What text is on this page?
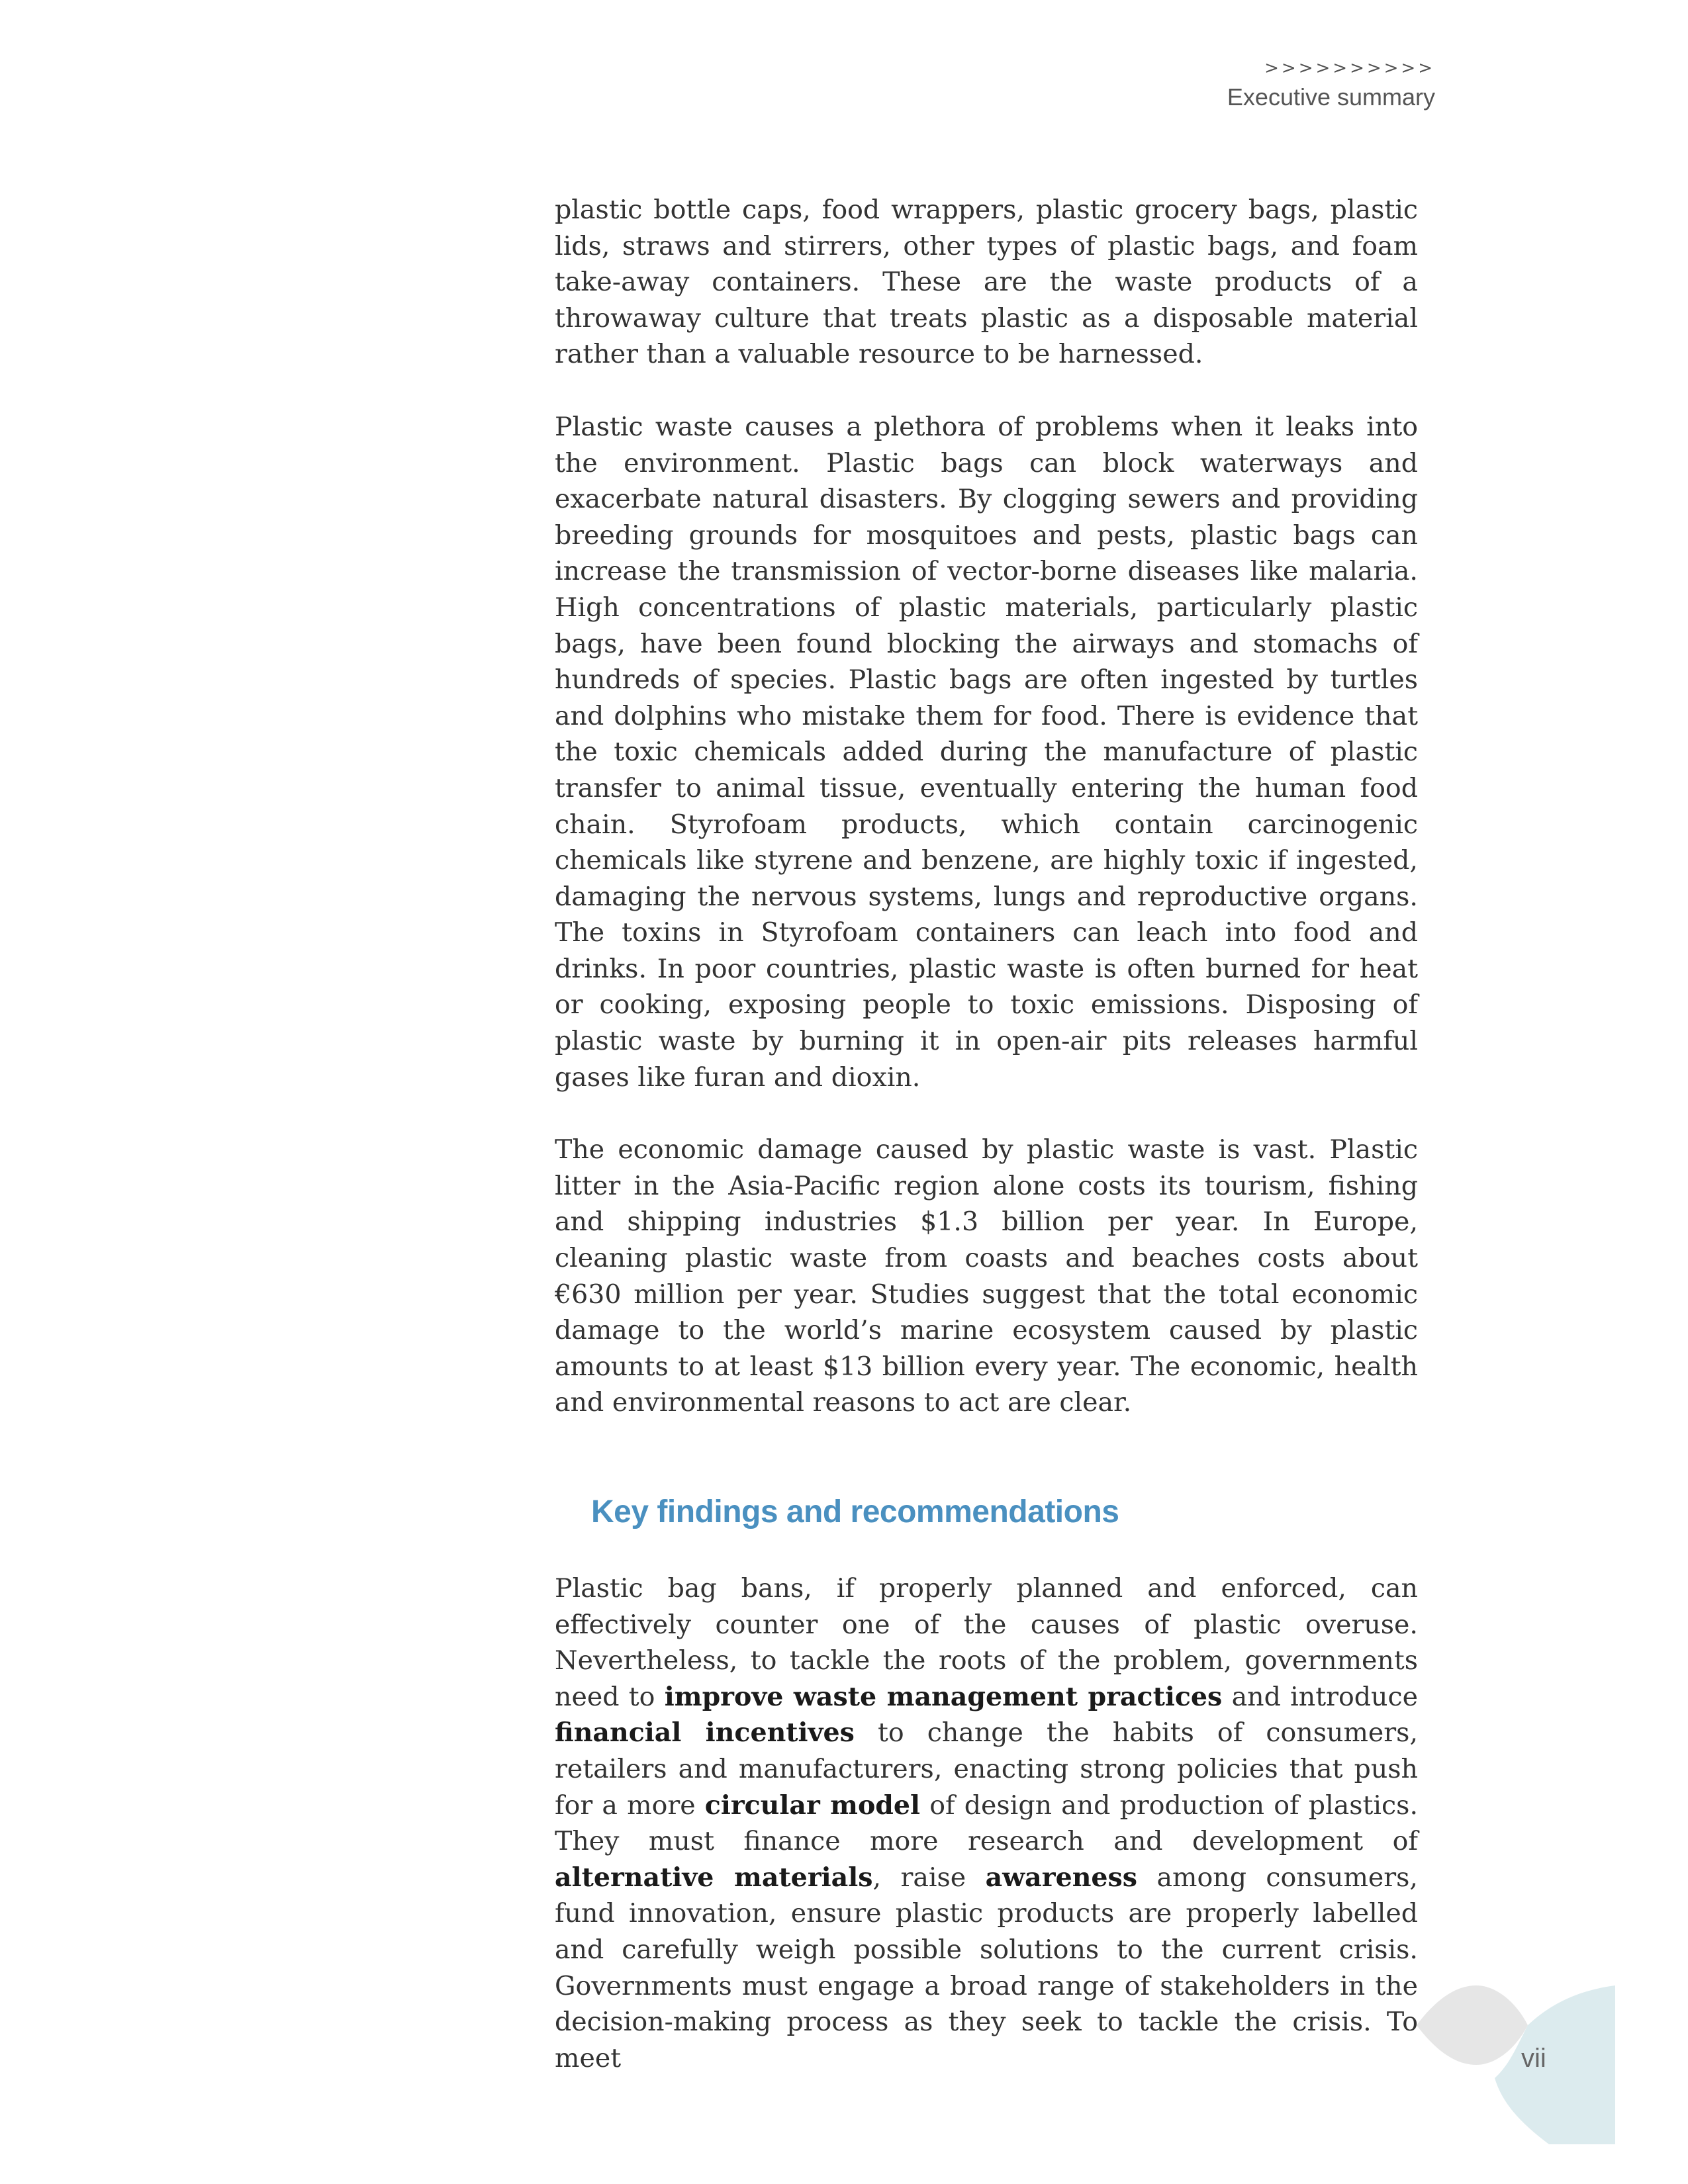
>>>>>>>>>>
Executive summary

plastic bottle caps, food wrappers, plastic grocery bags, plastic lids, straws and stirrers, other types of plastic bags, and foam take-away containers. These are the waste products of a throwaway culture that treats plastic as a disposable material rather than a valuable resource to be harnessed.

Plastic waste causes a plethora of problems when it leaks into the environment. Plastic bags can block waterways and exacerbate natural disasters. By clogging sewers and providing breeding grounds for mosquitoes and pests, plastic bags can increase the transmission of vector-borne diseases like malaria. High concentrations of plastic materials, particularly plastic bags, have been found blocking the airways and stomachs of hundreds of species. Plastic bags are often ingested by turtles and dolphins who mistake them for food. There is evidence that the toxic chemicals added during the manufacture of plastic transfer to animal tissue, eventually entering the human food chain. Styrofoam products, which contain carcinogenic chemicals like styrene and benzene, are highly toxic if ingested, damaging the nervous systems, lungs and reproductive organs. The toxins in Styrofoam containers can leach into food and drinks. In poor countries, plastic waste is often burned for heat or cooking, exposing people to toxic emissions. Disposing of plastic waste by burning it in open-air pits releases harmful gases like furan and dioxin.

The economic damage caused by plastic waste is vast. Plastic litter in the Asia-Pacific region alone costs its tourism, fishing and shipping industries $1.3 billion per year. In Europe, cleaning plastic waste from coasts and beaches costs about €630 million per year. Studies suggest that the total economic damage to the world’s marine ecosystem caused by plastic amounts to at least $13 billion every year. The economic, health and environmental reasons to act are clear.

Key findings and recommendations

Plastic bag bans, if properly planned and enforced, can effectively counter one of the causes of plastic overuse. Nevertheless, to tackle the roots of the problem, governments need to improve waste management practices and introduce financial incentives to change the habits of consumers, retailers and manufacturers, enacting strong policies that push for a more circular model of design and production of plastics. They must finance more research and development of alternative materials, raise awareness among consumers, fund innovation, ensure plastic products are properly labelled and carefully weigh possible solutions to the current crisis. Governments must engage a broad range of stakeholders in the decision-making process as they seek to tackle the crisis. To meet	vii
